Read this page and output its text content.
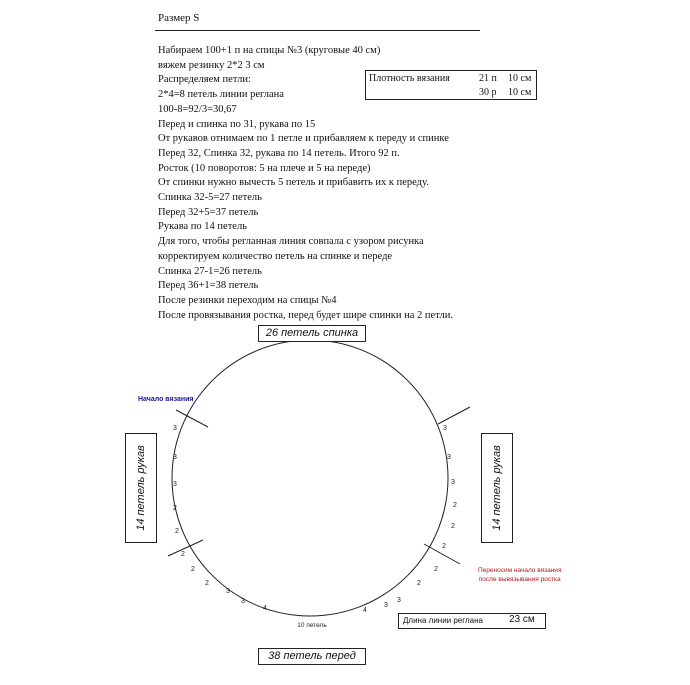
Размер S
Набираем 100+1 п на спицы №3 (круговые 40 см)
вяжем резинку 2*2 3 см
Распределяем петли:
2*4=8 петель линии реглана
100-8=92/3=30,67
Перед и спинка по 31, рукава по 15
От рукавов отнимаем по 1 петле и прибавляем к переду и спинке
Перед 32, Спинка 32, рукава по 14 петель. Итого 92 п.
Росток (10 поворотов: 5 на плече и 5 на переде)
От спинки нужно вычесть 5 петель и прибавить их к переду.
Спинка 32-5=27 петель
Перед 32+5=37 петель
Рукава по 14 петель
Для того, чтобы регланная линия совпала с узором рисунка
корректируем количество петель на спинке и переде
Спинка 27-1=26 петель
Перед 36+1=38 петель
После резинки переходим на спицы №4
После провязывания ростка, перед будет шире спинки на 2 петли.
Плотность вязания	21 п 10 см
30 р 10 см
3
3
3
2
2
2
3
3
3
2
2
2
2
2
3
3
4
2
2
3
3
4
10 петель
26 петель спинка
38 петель перед
14 петель рукав	14 петель рукав
Начало вязания
Переносим начало вязания
после вывязывания ростка
Длина линии реглана	23 см
